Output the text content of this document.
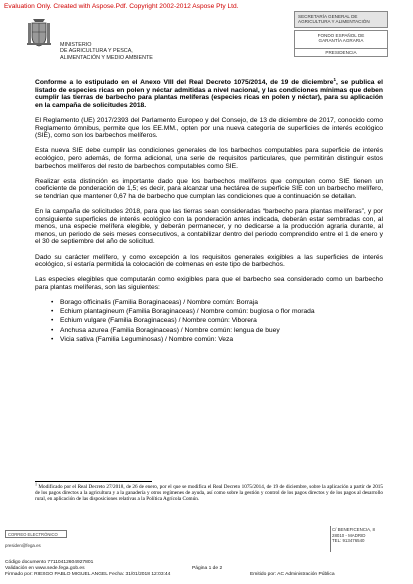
Evaluation Only. Created with Aspose.Pdf. Copyright 2002-2012 Aspose Pty Ltd.
MINISTERIO
DE AGRICULTURA Y PESCA,
ALIMENTACIÓN Y MEDIO AMBIENTE
SECRETARÍA GENERAL DE
AGRICULTURA Y ALIMENTACIÓN
FONDO ESPAÑOL DE
GARANTÍA AGRARIA
PRESIDENCIA

Conforme a lo estipulado en el Anexo VIII del Real Decreto 1075/2014, de 19 de diciembre$^1$, se publica el listado de especies ricas en polen y néctar admitidas a nivel nacional, y las condiciones mínimas que deben cumplir las tierras de barbecho para plantas melíferas (especies ricas en polen y néctar), para su aplicación en la campaña de solicitudes 2018.

El Reglamento (UE) 2017/2393 del Parlamento Europeo y del Consejo, de 13 de diciembre de 2017, conocido como Reglamento ómnibus, permite que los EE.MM., opten por una nueva categoría de superficies de interés ecológico (SIE), como son los barbechos melíferos.

Esta nueva SIE debe cumplir las condiciones generales de los barbechos computables para superficie de interés ecológico, pero además, de forma adicional, una serie de requisitos particulares, que permitirán distinguir estos barbechos melíferos del resto de barbechos computables como SIE.

Realizar esta distinción es importante dado que los barbechos melíferos que computen como SIE tienen un coeficiente de ponderación de 1,5; es decir, para alcanzar una hectárea de superficie SIE con un barbecho melífero, se tendrían que mantener 0,67 ha de barbecho que cumplan las condiciones que a continuación se detallan.

En la campaña de solicitudes 2018, para que las tierras sean consideradas “barbecho para plantas melíferas”, y por consiguiente superficies de interés ecológico con la ponderación antes indicada, deberán estar sembradas con, al menos, una especie melífera elegible, y deberán permanecer, y no dedicarse a la producción agraria durante, al menos, un periodo de seis meses consecutivos, a contabilizar dentro del periodo comprendido entre el 1 de enero y el 30 de septiembre del año de solicitud.

Dado su carácter melífero, y como excepción a los requisitos generales exigibles a las superficies de interés ecológico, sí estaría permitida la colocación de colmenas en este tipo de barbechos.

Las especies elegibles que computarán como exigibles para que el barbecho sea considerado como un barbecho para plantas melíferas, son las siguientes:

• Borago officinalis (Familia Boraginaceas) / Nombre común: Borraja
• Echium plantagineum (Familia Boraginaceas) / Nombre común: buglosa o flor morada
• Echium vulgare (Familia Boraginaceas) / Nombre común: Viborera
• Anchusa azurea (Familia Boraginaceas) / Nombre común: lengua de buey
• Vicia sativa (Familia Leguminosas) / Nombre común: Veza
$^1$ Modificado por el Real Decreto 27/2018, de 26 de enero, por el que se modifica el Real Decreto 1075/2014, de 19 de diciembre, sobre la aplicación a partir de 2015 de los pagos directos a la agricultura y a la ganadería y otros regímenes de ayuda, así como sobre la gestión y control de los pagos directos y de los pagos al desarrollo rural, en aplicación de las disposiciones relativas a la Política Agrícola Común.
CORREO ELECTRÓNICO
presiden@fega.es
C/ BENEFICENCIA, 8
28010 - MADRID
TEL: 913476540
Código documento 77110412604927801
Validación en www.sede.fega.gob.es
Firmado por: RIESGO PABLO MIGUEL ANGEL Fecha: 31/01/2018 12:03:44	Emitido por: AC Administración Pública
Página 1 de 2
